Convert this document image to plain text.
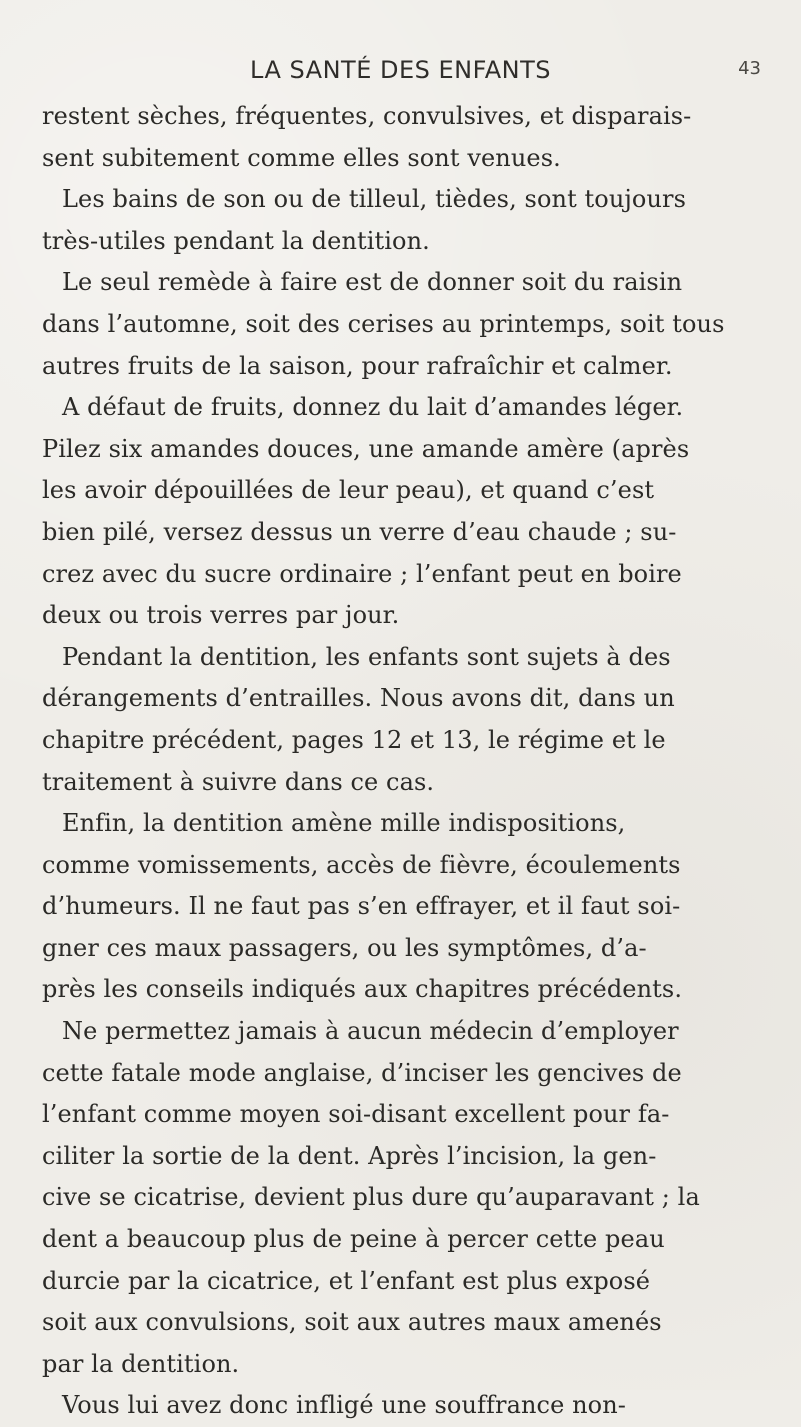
LA SANTÉ DES ENFANTS	43
restent sèches, fréquentes, convulsives, et disparais-
sent subitement comme elles sont venues.
Les bains de son ou de tilleul, tièdes, sont toujours
très-utiles pendant la dentition.
Le seul remède à faire est de donner soit du raisin
dans l’automne, soit des cerises au printemps, soit tous
autres fruits de la saison, pour rafraîchir et calmer.
A défaut de fruits, donnez du lait d’amandes léger.
Pilez six amandes douces, une amande amère (après
les avoir dépouillées de leur peau), et quand c’est
bien pilé, versez dessus un verre d’eau chaude ; su-
crez avec du sucre ordinaire ; l’enfant peut en boire
deux ou trois verres par jour.
Pendant la dentition, les enfants sont sujets à des
dérangements d’entrailles. Nous avons dit, dans un
chapitre précédent, pages 12 et 13, le régime et le
traitement à suivre dans ce cas.
Enfin, la dentition amène mille indispositions,
comme vomissements, accès de fièvre, écoulements
d’humeurs. Il ne faut pas s’en effrayer, et il faut soi-
gner ces maux passagers, ou les symptômes, d’a-
près les conseils indiqués aux chapitres précédents.
Ne permettez jamais à aucun médecin d’employer
cette fatale mode anglaise, d’inciser les gencives de
l’enfant comme moyen soi-disant excellent pour fa-
ciliter la sortie de la dent. Après l’incision, la gen-
cive se cicatrise, devient plus dure qu’auparavant ; la
dent a beaucoup plus de peine à percer cette peau
durcie par la cicatrice, et l’enfant est plus exposé
soit aux convulsions, soit aux autres maux amenés
par la dentition.
Vous lui avez donc infligé une souffrance non-
